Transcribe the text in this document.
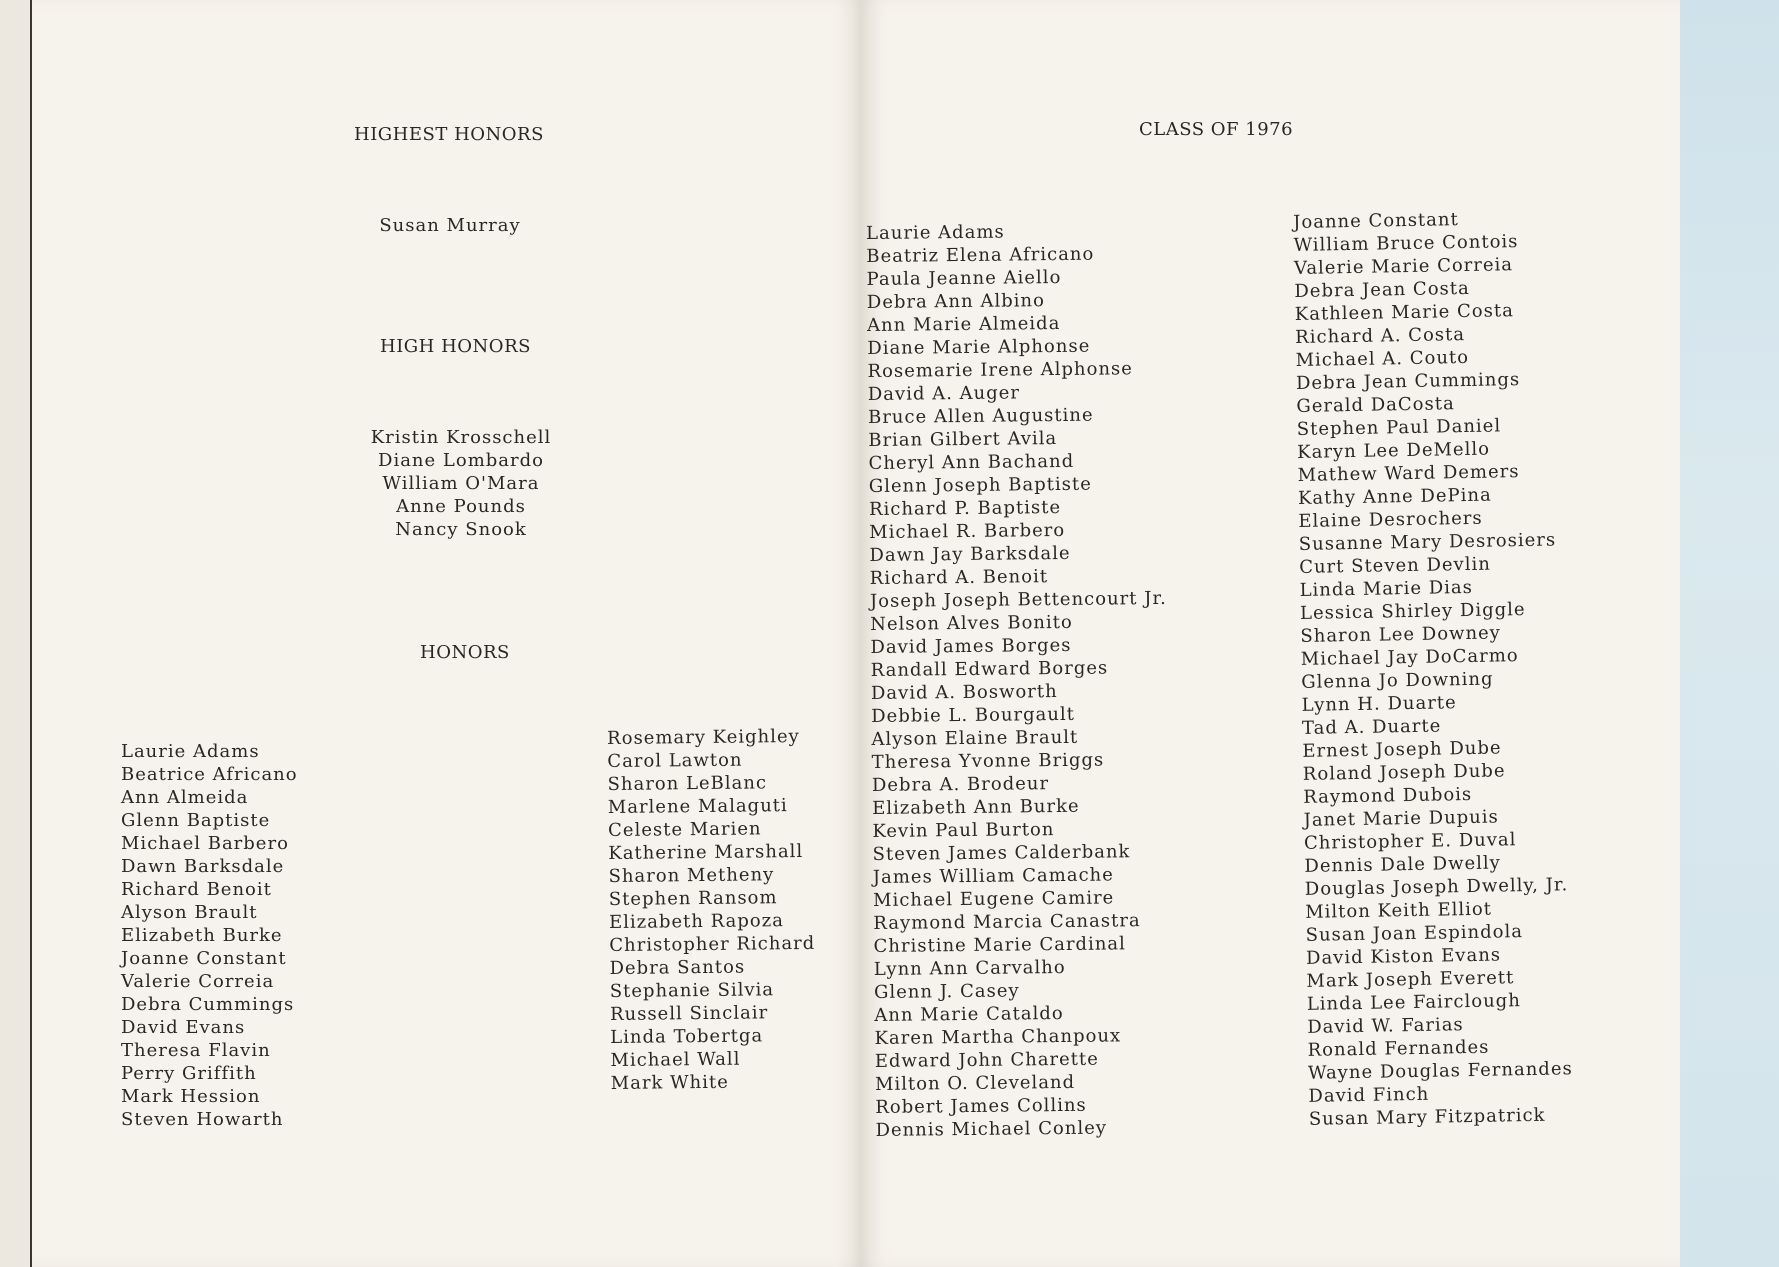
HIGHEST HONORS
Susan Murray
HIGH HONORS
Kristin Krosschell
Diane Lombardo
William O'Mara
Anne Pounds
Nancy Snook
HONORS
Laurie Adams
Beatrice Africano
Ann Almeida
Glenn Baptiste
Michael Barbero
Dawn Barksdale
Richard Benoit
Alyson Brault
Elizabeth Burke
Joanne Constant
Valerie Correia
Debra Cummings
David Evans
Theresa Flavin
Perry Griffith
Mark Hession
Steven Howarth
Rosemary Keighley
Carol Lawton
Sharon LeBlanc
Marlene Malaguti
Celeste Marien
Katherine Marshall
Sharon Metheny
Stephen Ransom
Elizabeth Rapoza
Christopher Richard
Debra Santos
Stephanie Silvia
Russell Sinclair
Linda Tobertga
Michael Wall
Mark White
CLASS OF 1976
Laurie Adams
Beatriz Elena Africano
Paula Jeanne Aiello
Debra Ann Albino
Ann Marie Almeida
Diane Marie Alphonse
Rosemarie Irene Alphonse
David A. Auger
Bruce Allen Augustine
Brian Gilbert Avila
Cheryl Ann Bachand
Glenn Joseph Baptiste
Richard P. Baptiste
Michael R. Barbero
Dawn Jay Barksdale
Richard A. Benoit
Joseph Joseph Bettencourt Jr.
Nelson Alves Bonito
David James Borges
Randall Edward Borges
David A. Bosworth
Debbie L. Bourgault
Alyson Elaine Brault
Theresa Yvonne Briggs
Debra A. Brodeur
Elizabeth Ann Burke
Kevin Paul Burton
Steven James Calderbank
James William Camache
Michael Eugene Camire
Raymond Marcia Canastra
Christine Marie Cardinal
Lynn Ann Carvalho
Glenn J. Casey
Ann Marie Cataldo
Karen Martha Chanpoux
Edward John Charette
Milton O. Cleveland
Robert James Collins
Dennis Michael Conley
Joanne Constant
William Bruce Contois
Valerie Marie Correia
Debra Jean Costa
Kathleen Marie Costa
Richard A. Costa
Michael A. Couto
Debra Jean Cummings
Gerald DaCosta
Stephen Paul Daniel
Karyn Lee DeMello
Mathew Ward Demers
Kathy Anne DePina
Elaine Desrochers
Susanne Mary Desrosiers
Curt Steven Devlin
Linda Marie Dias
Lessica Shirley Diggle
Sharon Lee Downey
Michael Jay DoCarmo
Glenna Jo Downing
Lynn H. Duarte
Tad A. Duarte
Ernest Joseph Dube
Roland Joseph Dube
Raymond Dubois
Janet Marie Dupuis
Christopher E. Duval
Dennis Dale Dwelly
Douglas Joseph Dwelly, Jr.
Milton Keith Elliot
Susan Joan Espindola
David Kiston Evans
Mark Joseph Everett
Linda Lee Fairclough
David W. Farias
Ronald Fernandes
Wayne Douglas Fernandes
David Finch
Susan Mary Fitzpatrick
